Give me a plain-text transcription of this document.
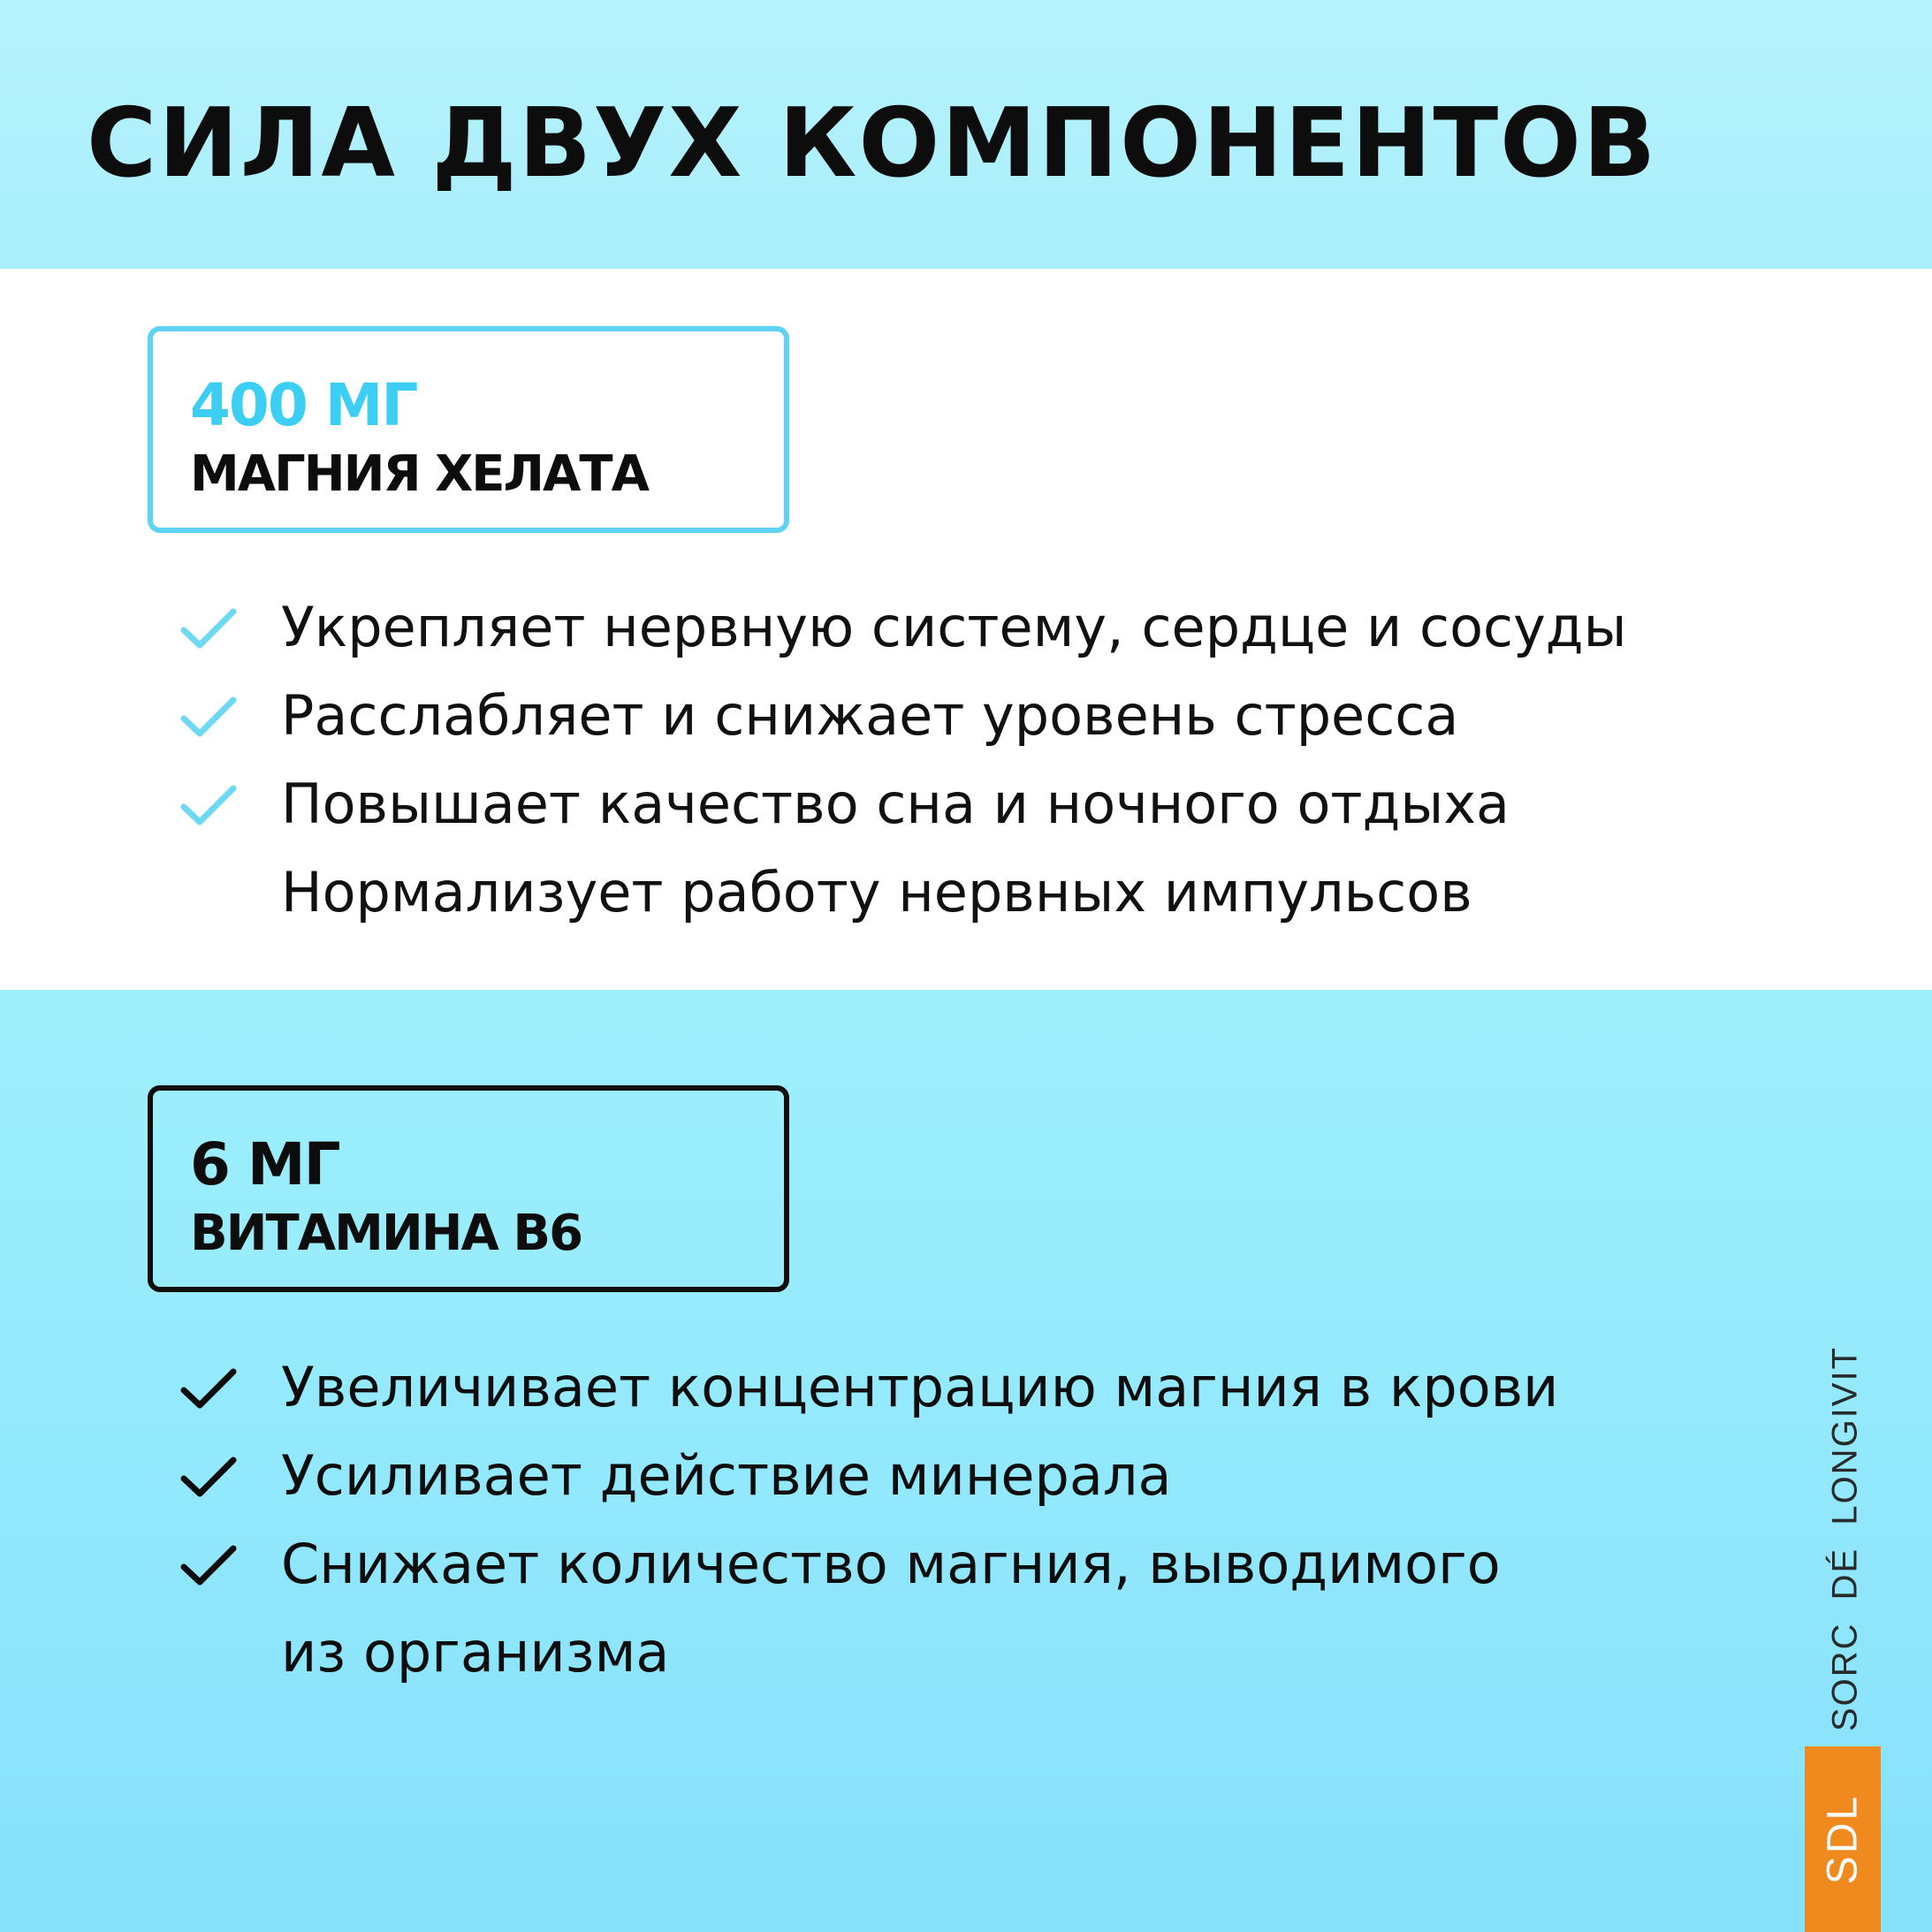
СИЛА ДВУХ КОМПОНЕНТОВ
400 МГ
МАГНИЯ ХЕЛАТА
Укрепляет нервную систему, сердце и сосуды
Расслабляет и снижает уровень стресса
Повышает качество сна и ночного отдыха
Нормализует работу нервных импульсов
6 МГ
ВИТАМИНА В6
Увеличивает концентрацию магния в крови
Усиливает действие минерала
Снижает количество магния, выводимого
из организма	SORC DÉ LONGIVIT
SDL
